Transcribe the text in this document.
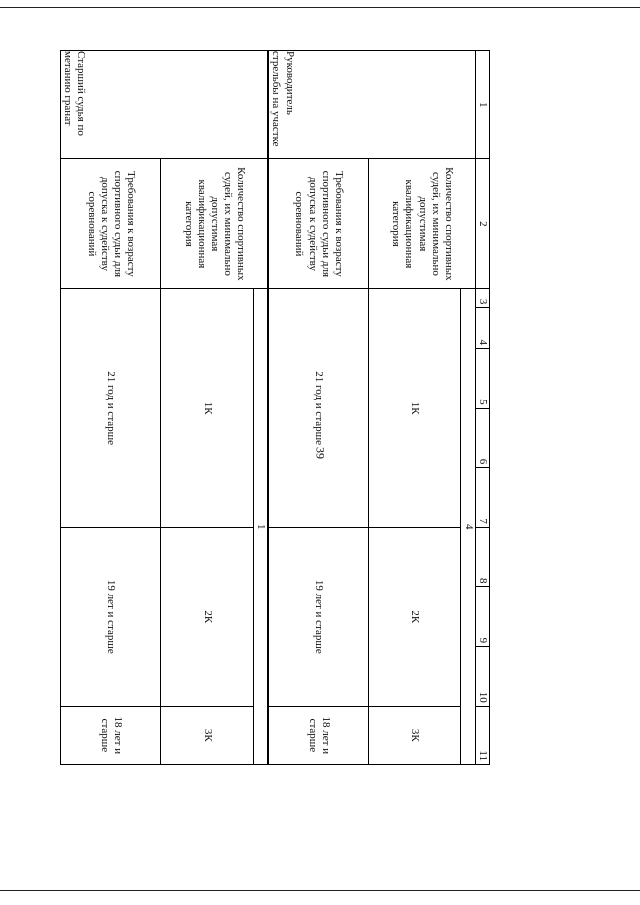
39
1	2	3	4	5	6	7	8	9	10	11
Руководитель стрельбы на участке	Количество спортивных судей, их минимально допустимая квалификационная категория	4								
		1К					2К			3К
	Требования к возрасту спортивного судьи для допуска к судейству соревнований	21 год и старше					19 лет и старше			18 лет и старше
Старший судья по метанию гранат	Количество спортивных судей, их минимально допустимая квалификационная категория	1								
		1К					2К			3К
	Требования к возрасту спортивного судьи для допуска к судейству соревнований	21 год и старше					19 лет и старше			18 лет и старше
